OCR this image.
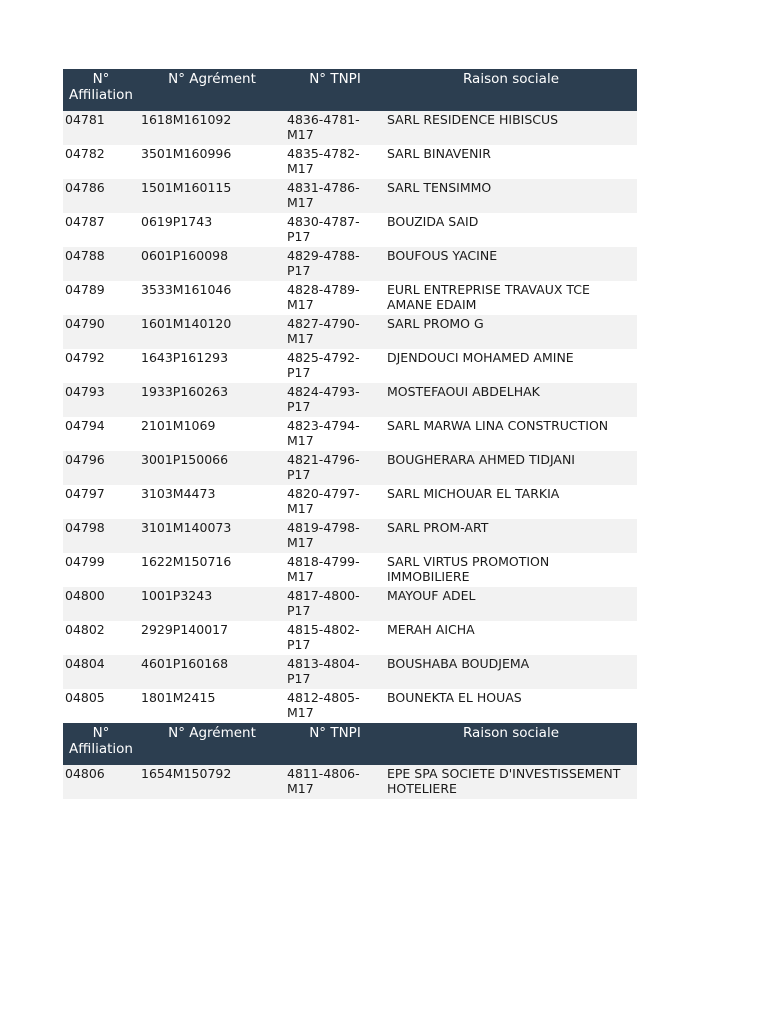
N° Affiliation	N° Agrément	N° TNPI	Raison sociale
04781	1618M161092	4836-4781-M17	SARL RESIDENCE HIBISCUS
04782	3501M160996	4835-4782-M17	SARL BINAVENIR
04786	1501M160115	4831-4786-M17	SARL TENSIMMO
04787	0619P1743	4830-4787-P17	BOUZIDA SAID
04788	0601P160098	4829-4788-P17	BOUFOUS YACINE
04789	3533M161046	4828-4789-M17	EURL ENTREPRISE TRAVAUX TCE AMANE EDAIM
04790	1601M140120	4827-4790-M17	SARL PROMO G
04792	1643P161293	4825-4792-P17	DJENDOUCI MOHAMED AMINE
04793	1933P160263	4824-4793-P17	MOSTEFAOUI ABDELHAK
04794	2101M1069	4823-4794-M17	SARL MARWA LINA CONSTRUCTION
04796	3001P150066	4821-4796-P17	BOUGHERARA AHMED TIDJANI
04797	3103M4473	4820-4797-M17	SARL MICHOUAR EL TARKIA
04798	3101M140073	4819-4798-M17	SARL PROM-ART
04799	1622M150716	4818-4799-M17	SARL VIRTUS PROMOTION IMMOBILIERE
04800	1001P3243	4817-4800-P17	MAYOUF ADEL
04802	2929P140017	4815-4802-P17	MERAH AICHA
04804	4601P160168	4813-4804-P17	BOUSHABA BOUDJEMA
04805	1801M2415	4812-4805-M17	BOUNEKTA EL HOUAS
N° Affiliation	N° Agrément	N° TNPI	Raison sociale
04806	1654M150792	4811-4806-M17	EPE SPA SOCIETE D'INVESTISSEMENT HOTELIERE
